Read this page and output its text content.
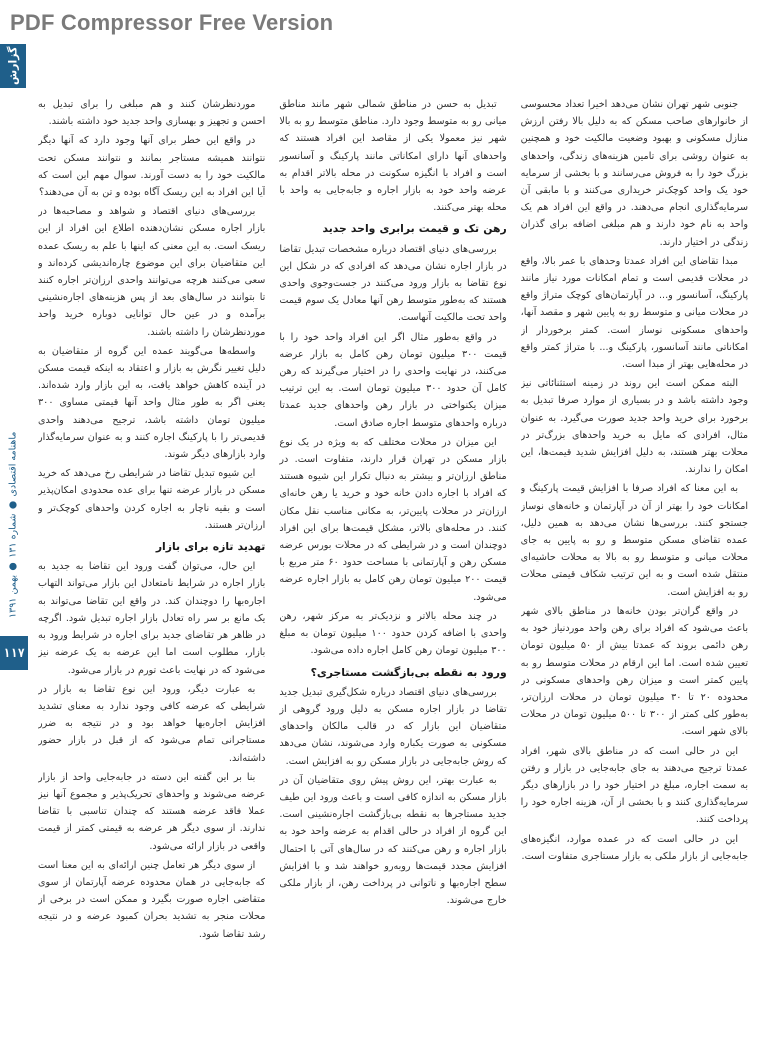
PDF Compressor Free Version
گزارش
ماهنامه اقتصادی ● شماره ۱۳۱ ● بهمن ۱۳۹۱
۱۱۷

جنوبی شهر تهران نشان می‌دهد اخیرا تعداد محسوسی از خانوارهای صاحب مسکن که به دلیل بالا رفتن ارزش منازل مسکونی و بهبود وضعیت مالکیت خود و همچنین به عنوان روشی برای تامین هزینه‌های زندگی، واحدهای بزرگ خود را به فروش می‌رسانند و با بخشی از سرمایه خود یک واحد کوچک‌تر خریداری می‌کنند و با مابقی آن سرمایه‌گذاری انجام می‌دهند. در واقع این افراد هم یک واحد به نام خود دارند و هم مبلغی اضافه برای گذران زندگی در اختیار دارند.

مبدا تقاضای این افراد عمدتا وحدهای با عمر بالا، واقع در محلات قدیمی است و تمام امکانات مورد نیاز مانند پارکینگ، آسانسور و... در آپارتمان‌های کوچک متراژ واقع در محلات میانی و متوسط رو به پایین شهر و مقصد آنها، واحدهای مسکونی نوساز است. کمتر برخوردار از امکاناتی مانند آسانسور، پارکینگ و... با متراژ کمتر واقع در محله‌هایی بهتر از مبدا است.

البته ممکن است این روند در زمینه استثنائاتی نیز وجود داشته باشد و در بسیاری از موارد صرفا تبدیل به برخورد برای خرید واحد جدید صورت می‌گیرد. به عنوان مثال، افرادی که مایل به خرید واحدهای بزرگ‌تر در محلات بهتر هستند، به دلیل افزایش شدید قیمت‌ها، این امکان را ندارند.

به این معنا که افراد صرفا با افزایش قیمت پارکینگ و امکانات خود را بهتر از آن در آپارتمان و خانه‌های نوساز جستجو کنند. بررسی‌ها نشان می‌دهد به همین دلیل، عمده تقاضای مسکن متوسط و رو به پایین به جای محلات میانی و متوسط رو به بالا به محلات حاشیه‌ای منتقل شده است و به این ترتیب شکاف قیمتی محلات رو به افزایش است.

در واقع گران‌تر بودن خانه‌ها در مناطق بالای شهر باعث می‌شود که افراد برای رهن واحد موردنیاز خود به رهن دائمی بروند که عمدتا بیش از ۵۰ میلیون تومان تعیین شده است. اما این ارقام در محلات متوسط رو به پایین کمتر است و میزان رهن واحدهای مسکونی در محدوده ۲۰ تا ۳۰ میلیون تومان در محلات ارزان‌تر، به‌طور کلی کمتر از ۳۰۰ تا ۵۰۰ میلیون تومان در محلات بالای شهر است.

این در حالی است که در مناطق بالای شهر، افراد عمدتا ترجیح می‌دهند به جای جابه‌جایی در بازار و رفتن به سمت اجاره، مبلغ در اختیار خود را در بازارهای دیگر سرمایه‌گذاری کنند و با بخشی از آن، هزینه اجاره خود را پرداخت کنند.

این در حالی است که در عمده موارد، انگیزه‌های جابه‌جایی از بازار ملکی به بازار مستاجری متفاوت است.

تبدیل به حسن در مناطق شمالی شهر مانند مناطق میانی رو به متوسط وجود دارد. مناطق متوسط رو به بالا شهر نیز معمولا یکی از مقاصد این افراد هستند که واحدهای آنها دارای امکاناتی مانند پارکینگ و آسانسور است و افراد با انگیزه سکونت در محله بالاتر اقدام به عرضه واحد خود به بازار اجاره و جابه‌جایی به واحد با محله بهتر می‌کنند.

رهن تک و قیمت برابری واحد جدید

بررسی‌های دنیای اقتصاد درباره مشخصات تبدیل تقاضا در بازار اجاره نشان می‌دهد که افرادی که در شکل این نوع تقاضا به بازار ورود می‌کنند در جست‌وجوی واحدی هستند که به‌طور متوسط رهن آنها معادل یک سوم قیمت واحد تحت مالکیت آنهاست.

در واقع به‌طور مثال اگر این افراد واحد خود را با قیمت ۳۰۰ میلیون تومان رهن کامل به بازار عرضه می‌کنند، در نهایت واحدی را در اختیار می‌گیرند که رهن کامل آن حدود ۳۰۰ میلیون تومان است. به این ترتیب میزان یکنواختی در بازار رهن واحدهای جدید عمدتا درباره واحدهای متوسط اجاره صادق است.

این میزان در محلات مختلف که به ویژه در یک نوع بازار مسکن در تهران قرار دارند، متفاوت است. در مناطق ارزان‌تر و بیشتر به دنبال تکرار این شیوه هستند که افراد با اجاره دادن خانه خود و خرید یا رهن خانه‌ای ارزان‌تر در محلات پایین‌تر، به مکانی مناسب نقل مکان کنند. در محله‌های بالاتر، مشکل قیمت‌ها برای این افراد دوچندان است و در شرایطی که در محلات بورس عرضه مسکن رهن و آپارتمانی با مساحت حدود ۶۰ متر مربع با قیمت ۲۰۰ میلیون تومان رهن کامل به بازار اجاره عرضه می‌شود.

در چند محله بالاتر و نزدیک‌تر به مرکز شهر، رهن واحدی با اضافه کردن حدود ۱۰۰ میلیون تومان به مبلغ ۳۰۰ میلیون تومان رهن کامل اجاره داده می‌شود.

ورود به نقطه بی‌بازگشت مستاجری؟

بررسی‌های دنیای اقتصاد درباره شکل‌گیری تبدیل جدید تقاضا در بازار اجاره مسکن به دلیل ورود گروهی از متقاضیان این بازار که در قالب مالکان واحدهای مسکونی به صورت یکباره وارد می‌شوند، نشان می‌دهد که روش جابه‌جایی در بازار مسکن رو به افزایش است.

به عبارت بهتر، این روش پیش روی متقاضیان آن در بازار مسکن به اندازه کافی است و باعث ورود این طیف جدید مستاجرها به نقطه بی‌بازگشت اجاره‌نشینی است. این گروه از افراد در حالی اقدام به عرضه واحد خود به بازار اجاره و رهن می‌کنند که در سال‌های آتی با احتمال افزایش مجدد قیمت‌ها روبه‌رو خواهند شد و با افزایش سطح اجاره‌بها و ناتوانی در پرداخت رهن، از بازار ملکی خارج می‌شوند.

موردنظرشان کنند و هم مبلغی را برای تبدیل به احسن و تجهیز و بهسازی واحد جدید خود داشته باشند.

در واقع این خطر برای آنها وجود دارد که آنها دیگر نتوانند همیشه مستاجر بمانند و نتوانند مسکن تحت مالکیت خود را به دست آورند. سوال مهم این است که آیا این افراد به این ریسک آگاه بوده و تن به آن می‌دهند؟

بررسی‌های دنیای اقتصاد و شواهد و مصاحبه‌ها در بازار اجاره مسکن نشان‌دهنده اطلاع این افراد از این ریسک است. به این معنی که اینها با علم به ریسک عمده این متقاضیان برای این موضوع چاره‌اندیشی کرده‌اند و سعی می‌کنند هرچه می‌توانند واحدی ارزان‌تر اجاره کنند تا بتوانند در سال‌های بعد از پس هزینه‌های اجاره‌نشینی برآمده و در عین حال توانایی دوباره خرید واحد موردنظرشان را داشته باشند.

واسطه‌ها می‌گویند عمده این گروه از متقاضیان به دلیل تغییر نگرش به بازار و اعتقاد به اینکه قیمت مسکن در آینده کاهش خواهد یافت، به این بازار وارد شده‌اند. یعنی اگر به طور مثال واحد آنها قیمتی مساوی ۳۰۰ میلیون تومان داشته باشد، ترجیح می‌دهند واحدی قدیمی‌تر را با پارکینگ اجاره کنند و به عنوان سرمایه‌گذار وارد بازارهای دیگر شوند.

این شیوه تبدیل تقاضا در شرایطی رخ می‌دهد که خرید مسکن در بازار عرضه تنها برای عده محدودی امکان‌پذیر است و بقیه ناچار به اجاره کردن واحدهای کوچک‌تر و ارزان‌تر هستند.

تهدید تازه برای بازار

این حال، می‌توان گفت ورود این تقاضا به جدید به بازار اجاره در شرایط نامتعادل این بازار می‌تواند التهاب اجاره‌بها را دوچندان کند. در واقع این تقاضا می‌تواند به یک مانع بر سر راه تعادل بازار اجاره تبدیل شود. اگرچه در ظاهر هر تقاضای جدید برای اجاره در شرایط ورود به بازار، مطلوب است اما این عرضه به یک عرضه نیز می‌شود که در نهایت باعث تورم در بازار می‌شود.

به عبارت دیگر، ورود این نوع تقاضا به بازار در شرایطی که عرضه کافی وجود ندارد به معنای تشدید افزایش اجاره‌بها خواهد بود و در نتیجه به ضرر مستاجرانی تمام می‌شود که از قبل در بازار حضور داشته‌اند.

بنا بر این گفته این دسته در جابه‌جایی واحد از بازار عرضه می‌شوند و واحدهای تحریک‌پذیر و مجموع آنها نیز عملا فاقد عرضه هستند که چندان تناسبی با تقاضا ندارند. از سوی دیگر هر عرضه به قیمتی کمتر از قیمت واقعی در بازار ارائه می‌شود.

از سوی دیگر هر تعامل چنین ارائه‌ای به این معنا است که جابه‌جایی در همان محدوده عرضه آپارتمان از سوی متقاضی اجاره صورت بگیرد و ممکن است در برخی از محلات منجر به تشدید بحران کمبود عرضه و در نتیجه رشد تقاضا شود.
